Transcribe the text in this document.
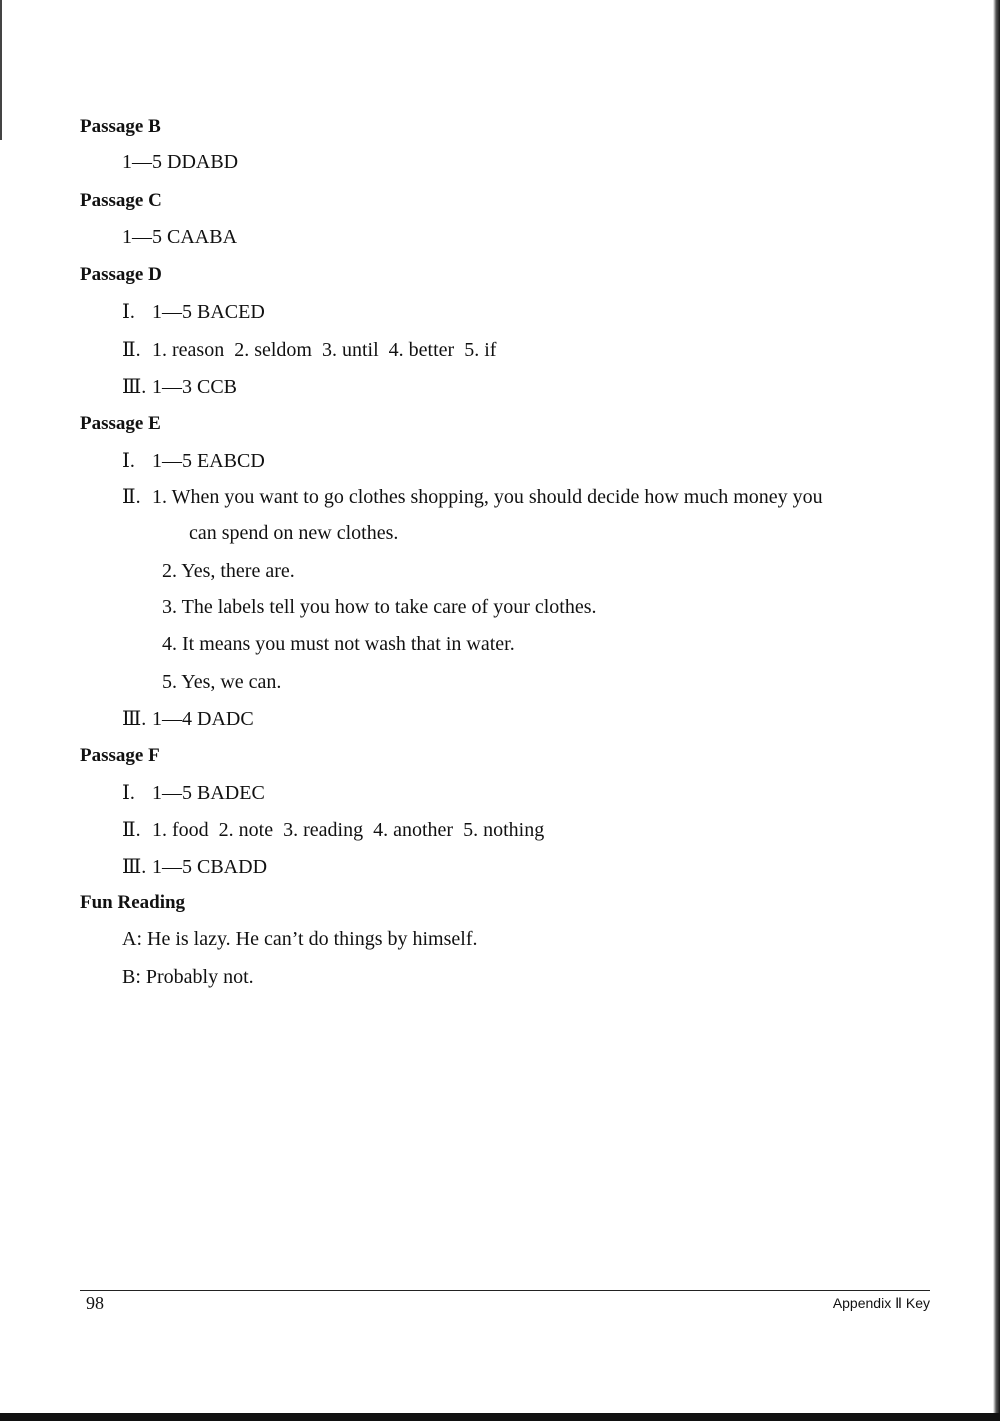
Passage B
1—5 DDABD
Passage C
1—5 CAABA
Passage D
Ⅰ. 1—5 BACED
Ⅱ. 1. reason 2. seldom 3. until 4. better 5. if
Ⅲ. 1—3 CCB
Passage E
Ⅰ. 1—5 EABCD
Ⅱ. 1. When you want to go clothes shopping, you should decide how much money you
can spend on new clothes.
2. Yes, there are.
3. The labels tell you how to take care of your clothes.
4. It means you must not wash that in water.
5. Yes, we can.
Ⅲ. 1—4 DADC
Passage F
Ⅰ. 1—5 BADEC
Ⅱ. 1. food 2. note 3. reading 4. another 5. nothing
Ⅲ. 1—5 CBADD
Fun Reading
A: He is lazy. He can’t do things by himself.
B: Probably not.
98	Appendix Ⅱ Key
